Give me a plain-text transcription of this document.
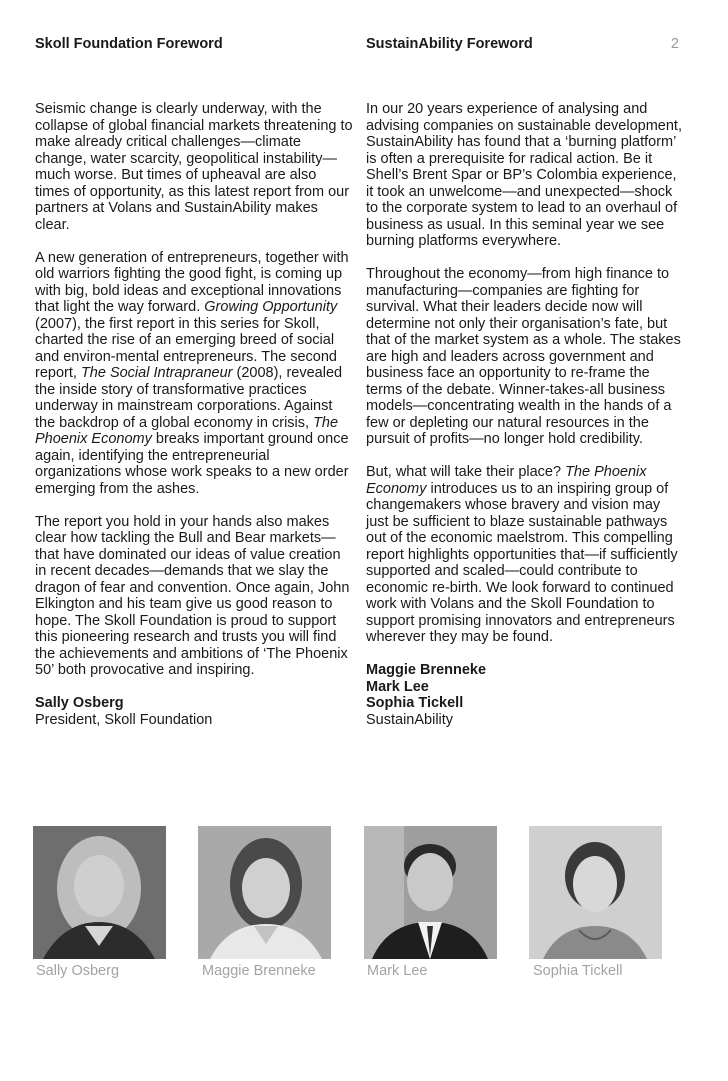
Skoll Foundation Foreword	SustainAbility Foreword	2

Seismic change is clearly underway, with the collapse of global financial markets threatening to make already critical challenges—climate change, water scarcity, geopolitical instability—much worse. But times of upheaval are also times of opportunity, as this latest report from our partners at Volans and SustainAbility makes clear.

A new generation of entrepreneurs, together with old warriors fighting the good fight, is coming up with big, bold ideas and exceptional innovations that light the way forward. Growing Opportunity (2007), the first report in this series for Skoll, charted the rise of an emerging breed of social and environ-mental entrepreneurs. The second report, The Social Intrapraneur (2008), revealed the inside story of transformative practices underway in mainstream corporations. Against the backdrop of a global economy in crisis, The Phoenix Economy breaks important ground once again, identifying the entrepreneurial organizations whose work speaks to a new order emerging from the ashes.

The report you hold in your hands also makes clear how tackling the Bull and Bear markets—that have dominated our ideas of value creation in recent decades—demands that we slay the dragon of fear and convention. Once again, John Elkington and his team give us good reason to hope. The Skoll Foundation is proud to support this pioneering research and trusts you will find the achievements and ambitions of ‘The Phoenix 50’ both provocative and inspiring.

Sally Osberg
President, Skoll Foundation

In our 20 years experience of analysing and advising companies on sustainable development, SustainAbility has found that a ‘burning platform’ is often a prerequisite for radical action. Be it Shell’s Brent Spar or BP’s Colombia experience, it took an unwelcome—and unexpected—shock to the corporate system to lead to an overhaul of business as usual. In this seminal year we see burning platforms everywhere.

Throughout the economy—from high finance to manufacturing—companies are fighting for survival. What their leaders decide now will determine not only their organisation’s fate, but that of the market system as a whole. The stakes are high and leaders across government and business face an opportunity to re-frame the terms of the debate. Winner-takes-all business models—concentrating wealth in the hands of a few or depleting our natural resources in the pursuit of profits—no longer hold credibility.

But, what will take their place? The Phoenix Economy introduces us to an inspiring group of changemakers whose bravery and vision may just be sufficient to blaze sustainable pathways out of the economic maelstrom. This compelling report highlights opportunities that—if sufficiently supported and scaled—could contribute to economic re-birth. We look forward to continued work with Volans and the Skoll Foundation to support promising innovators and entrepreneurs wherever they may be found.

Maggie Brenneke
Mark Lee
Sophia Tickell
SustainAbility
Sally Osberg	Maggie Brenneke	Mark Lee	Sophia Tickell
